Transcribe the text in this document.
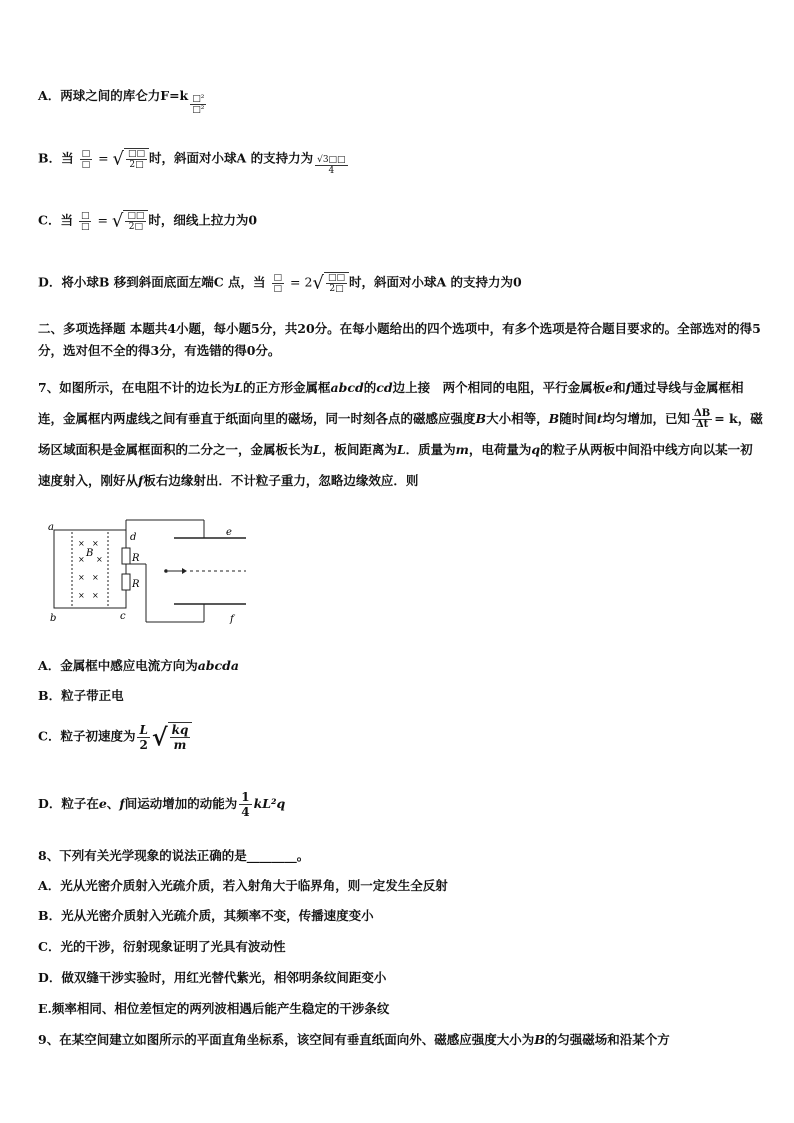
A．两球之间的库仑力$F=k \frac{\text{□²}}{\text{□²}}$
B．当 $\frac{□}{□}$ = √ $\frac{□□}{2□}$ 时，斜面对小球A 的支持力为 $\frac{√3□□}{4}$
C．当 $\frac{□}{□}$ = √ $\frac{□□}{2□}$ 时，细线上拉力为0
D．将小球B 移到斜面底面左端C 点，当 $\frac{□}{□} = 2√ \frac{□□}{2□}$ 时，斜面对小球A 的支持力为0
二、多项选择题 本题共4小题，每小题5分，共20分。在每小题给出的四个选项中，有多个选项是符合题目要求的。全部选对的得5分，选对但不全的得3分，有选错的得0分。
7、如图所示，在电阻不计的边长为L的正方形金属框abcd的cd边上接　两个相同的电阻，平行金属板e和f通过导线与金属框相连，金属框内两虚线之间有垂直于纸面向里的磁场，同一时刻各点的磁感应强度B大小相等，B随时间t均匀增加，已知 $\frac{\Delta B}{\Delta t} = k$，磁场区域面积是金属框面积的二分之一，金属板长为L，板间距离为L．质量为m，电荷量为q的粒子从两板中间沿中线方向以某一初速度射入，刚好从f板右边缘射出．不计粒子重力，忽略边缘效应．则
a
b	c
d	e
f
R
R
B
× ×
× ×
× ×
× ×
A．金属框中感应电流方向为abcda
B．粒子带正电
C．粒子初速度为 $\frac{L}{2}$ √ $\frac{kq}{m}$
D．粒子在e、f间运动增加的动能为 $\frac{1}{4} kL^2q$
8、下列有关光学现象的说法正确的是________。
A．光从光密介质射入光疏介质，若入射角大于临界角，则一定发生全反射
B．光从光密介质射入光疏介质，其频率不变，传播速度变小
C．光的干涉，衍射现象证明了光具有波动性
D．做双缝干涉实验时，用红光替代紫光，相邻明条纹间距变小
E.频率相同、相位差恒定的两列波相遇后能产生稳定的干涉条纹
9、在某空间建立如图所示的平面直角坐标系，该空间有垂直纸面向外、磁感应强度大小为B的匀强磁场和沿某个方
